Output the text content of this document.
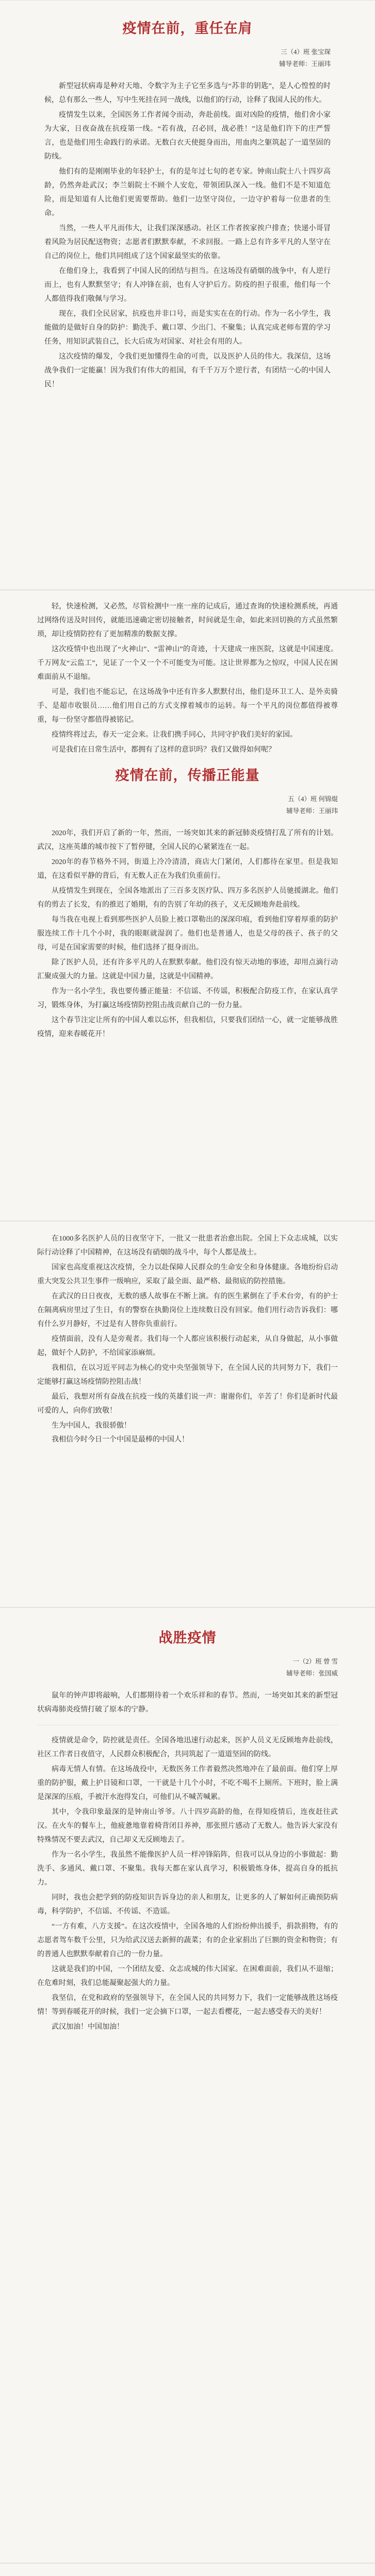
疫情在前，重任在肩

三（4）班 张宝琛

辅导老师：王丽玮

新型冠状病毒是种对天地、令数字为主子它至多选与“苏非的钥匙”，是人心惶惶的时候，总有那么一些人，写中生死挂在同一战线，以他们的行动，诠释了我国人民的伟大。

疫情发生以来，全国医务工作者闻令而动，奔赴前线。面对凶险的疫情，他们舍小家为大家，日夜奋战在抗疫第一线。“若有战，召必回，战必胜！”这是他们许下的庄严誓言，也是他们用生命践行的承诺。无数白衣天使挺身而出，用血肉之躯筑起了一道坚固的防线。

他们有的是刚刚毕业的年轻护士，有的是年过七旬的老专家。钟南山院士八十四岁高龄，仍然奔赴武汉；李兰娟院士不顾个人安危，带领团队深入一线。他们不是不知道危险，而是知道有人比他们更需要帮助。他们一边坚守岗位，一边守护着每一位患者的生命。

当然，一些人平凡而伟大，让我们深深感动。社区工作者挨家挨户排查；快递小哥冒着风险为居民配送物资；志愿者们默默奉献，不求回报。一路上总有许多平凡的人坚守在自己的岗位上，他们共同组成了这个国家最坚实的依靠。

在他们身上，我看到了中国人民的团结与担当。在这场没有硝烟的战争中，有人逆行而上，也有人默默坚守；有人冲锋在前，也有人守护后方。防疫的担子很重，他们每一个人都值得我们敬佩与学习。

现在，我们全民居家，抗疫也并非口号，而是实实在在的行动。作为一名小学生，我能做的是做好自身的防护：勤洗手、戴口罩、少出门、不聚集；认真完成老师布置的学习任务，用知识武装自己，长大后成为对国家、对社会有用的人。

这次疫情的爆发，令我们更加懂得生命的可贵，以及医护人员的伟大。我深信，这场战争我们一定能赢！因为我们有伟大的祖国，有千千万万个逆行者，有团结一心的中国人民！

轻，快速检测，又必然，尽管检测中一座一座的记成后，通过查询的快速检测系统，再通过网络传送及时回传，就能迅速确定密切接触者，时间就是生命，如此来回切换的方式虽然繁琐，却让疫情防控有了更加精准的数据支撑。

这次疫情中也出现了“火神山”、“雷神山”的奇迹，十天建成一座医院，这就是中国速度。千万网友“云监工”，见证了一个又一个不可能变为可能。这让世界都为之惊叹，中国人民在困难面前从不退缩。

可是，我们也不能忘记，在这场战争中还有许多人默默付出，他们是环卫工人、是外卖骑手、是超市收银员……他们用自己的方式支撑着城市的运转。每一个平凡的岗位都值得被尊重，每一份坚守都值得被铭记。

疫情终将过去，春天一定会来。让我们携手同心，共同守护我们美好的家园。

可是我们在日常生活中，都拥有了这样的意识吗？我们又做得如何呢？

疫情在前，传播正能量

五（4）班 何锦焜

辅导老师：王丽玮

2020年，我们开启了新的一年，然而，一场突如其来的新冠肺炎疫情打乱了所有的计划。武汉，这座英雄的城市按下了暂停键，全国人民的心紧紧连在一起。

2020年的春节格外不同，街道上冷冷清清，商店大门紧闭，人们都待在家里。但是我知道，在这看似平静的背后，有无数人正在为我们负重前行。

从疫情发生到现在，全国各地派出了三百多支医疗队、四万多名医护人员驰援湖北。他们有的剪去了长发，有的推迟了婚期，有的告别了年幼的孩子，义无反顾地奔赴前线。

每当我在电视上看到那些医护人员脸上被口罩勒出的深深印痕，看到他们穿着厚重的防护服连续工作十几个小时，我的眼眶就湿润了。他们也是普通人，也是父母的孩子、孩子的父母，可是在国家需要的时候，他们选择了挺身而出。

除了医护人员，还有许多平凡的人在默默奉献。他们没有惊天动地的事迹，却用点滴行动汇聚成强大的力量。这就是中国力量，这就是中国精神。

作为一名小学生，我也要传播正能量：不信谣、不传谣，积极配合防疫工作，在家认真学习，锻炼身体，为打赢这场疫情防控阻击战贡献自己的一份力量。

这个春节注定让所有的中国人难以忘怀，但我相信，只要我们团结一心，就一定能够战胜疫情，迎来春暖花开！

在1000多名医护人员的日夜坚守下，一批又一批患者治愈出院。全国上下众志成城，以实际行动诠释了中国精神，在这场没有硝烟的战斗中，每个人都是战士。

国家也高度重视这次疫情，全力以赴保障人民群众的生命安全和身体健康。各地纷纷启动重大突发公共卫生事件一级响应，采取了最全面、最严格、最彻底的防控措施。

在武汉的日日夜夜，无数的感人故事在不断上演。有的医生累倒在了手术台旁，有的护士在隔离病房里过了生日，有的警察在执勤岗位上连续数日没有回家。他们用行动告诉我们：哪有什么岁月静好，不过是有人替你负重前行。

疫情面前，没有人是旁观者。我们每一个人都应该积极行动起来，从自身做起，从小事做起，做好个人防护，不给国家添麻烦。

我相信，在以习近平同志为核心的党中央坚强领导下，在全国人民的共同努力下，我们一定能够打赢这场疫情防控阻击战！

最后，我想对所有奋战在抗疫一线的英雄们说一声：谢谢你们，辛苦了！你们是新时代最可爱的人，向你们致敬！

生为中国人，我很骄傲！

我相信今时今日一个中国是最棒的中国人！

战胜疫情

一（2）班 曾 雪

辅导老师：张国威

鼠年的钟声即将敲响，人们都期待着一个欢乐祥和的春节。然而，一场突如其来的新型冠状病毒肺炎疫情打破了原本的宁静。

疫情就是命令，防控就是责任。全国各地迅速行动起来，医护人员义无反顾地奔赴前线，社区工作者日夜值守，人民群众积极配合，共同筑起了一道道坚固的防线。

病毒无情人有情。在这场战役中，无数医务工作者毅然决然地冲在了最前面。他们穿上厚重的防护服，戴上护目镜和口罩，一干就是十几个小时，不吃不喝不上厕所。下班时，脸上满是深深的压痕，手被汗水泡得发白，可他们从不喊苦喊累。

其中，令我印象最深的是钟南山爷爷。八十四岁高龄的他，在得知疫情后，连夜赶往武汉。在火车的餐车上，他疲惫地靠着椅背闭目养神，那张照片感动了无数人。他告诉大家没有特殊情况不要去武汉，自己却义无反顾地去了。

作为一名小学生，我虽然不能像医护人员一样冲锋陷阵，但我可以从身边的小事做起：勤洗手、多通风、戴口罩、不聚集。我每天都在家认真学习，积极锻炼身体，提高自身的抵抗力。

同时，我也会把学到的防疫知识告诉身边的亲人和朋友，让更多的人了解如何正确预防病毒，科学防护，不信谣、不传谣、不造谣。

“一方有难，八方支援”。在这次疫情中，全国各地的人们纷纷伸出援手，捐款捐物，有的志愿者驾车数千公里，只为给武汉送去新鲜的蔬菜；有的企业家捐出了巨额的资金和物资；有的普通人也默默奉献着自己的一份力量。

这就是我们的中国，一个团结友爱、众志成城的伟大国家。在困难面前，我们从不退缩；在危难时刻，我们总能凝聚起强大的力量。

我坚信，在党和政府的坚强领导下，在全国人民的共同努力下，我们一定能够战胜这场疫情！等到春暖花开的时候，我们一定会摘下口罩，一起去看樱花，一起去感受春天的美好！

武汉加油！中国加油！
